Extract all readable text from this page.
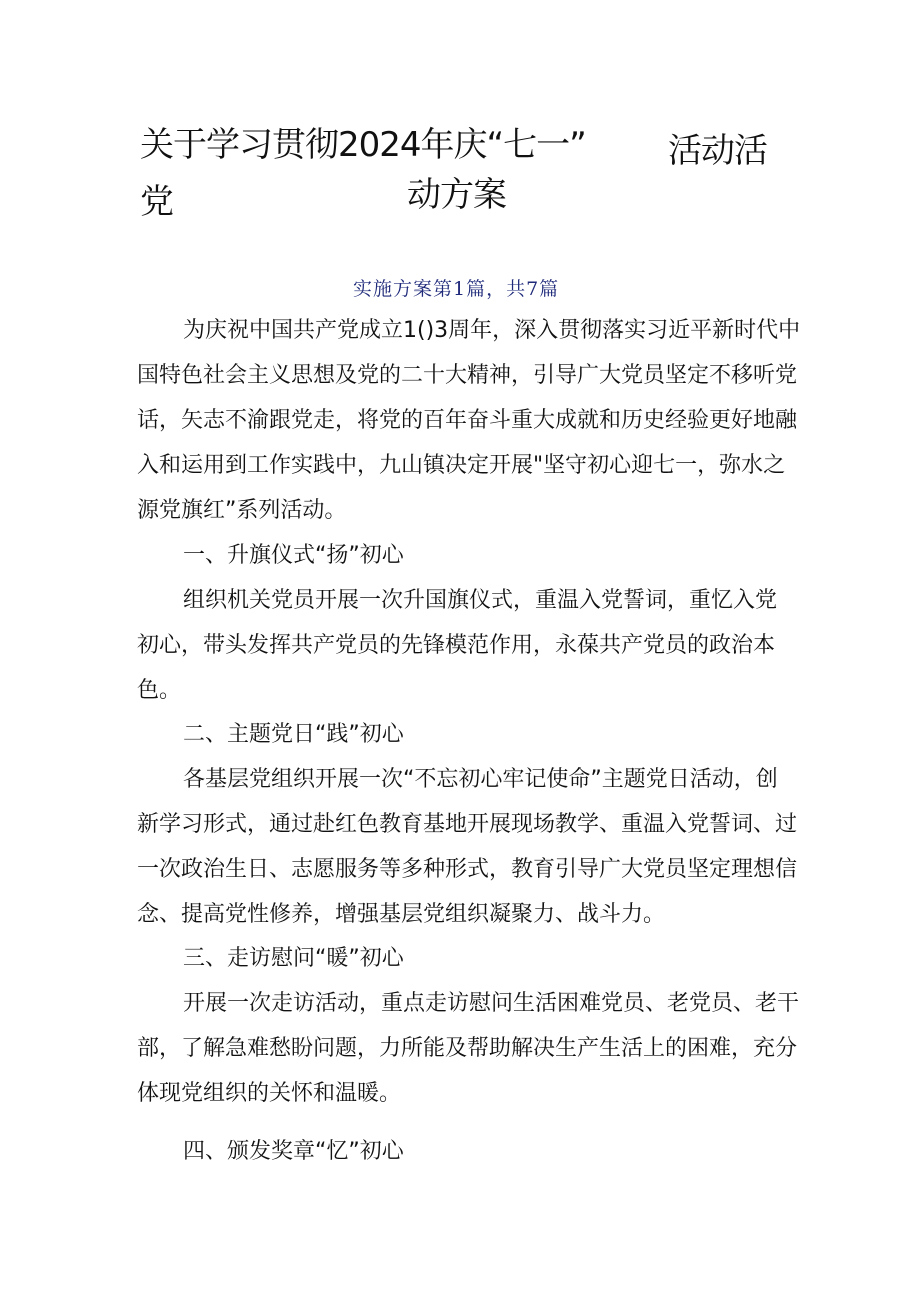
关于学习贯彻2024年庆“七一” 活动活
党	动方案
实施方案第1篇，共7篇
为庆祝中国共产党成立1()3周年，深入贯彻落实习近平新时代中
国特色社会主义思想及党的二十大精神，引导广大党员坚定不移听党
话，矢志不渝跟党走，将党的百年奋斗重大成就和历史经验更好地融
入和运用到工作实践中，九山镇决定开展"坚守初心迎七一，弥水之
源党旗红”系列活动。
一、升旗仪式“扬”初心
组织机关党员开展一次升国旗仪式，重温入党誓词，重忆入党
初心，带头发挥共产党员的先锋模范作用，永葆共产党员的政治本
色。
二、主题党日“践”初心
各基层党组织开展一次“不忘初心牢记使命”主题党日活动，创
新学习形式，通过赴红色教育基地开展现场教学、重温入党誓词、过
一次政治生日、志愿服务等多种形式，教育引导广大党员坚定理想信
念、提高党性修养，增强基层党组织凝聚力、战斗力。
三、走访慰问“暖”初心
开展一次走访活动，重点走访慰问生活困难党员、老党员、老干
部，了解急难愁盼问题，力所能及帮助解决生产生活上的困难，充分
体现党组织的关怀和温暖。
四、颁发奖章“忆”初心
